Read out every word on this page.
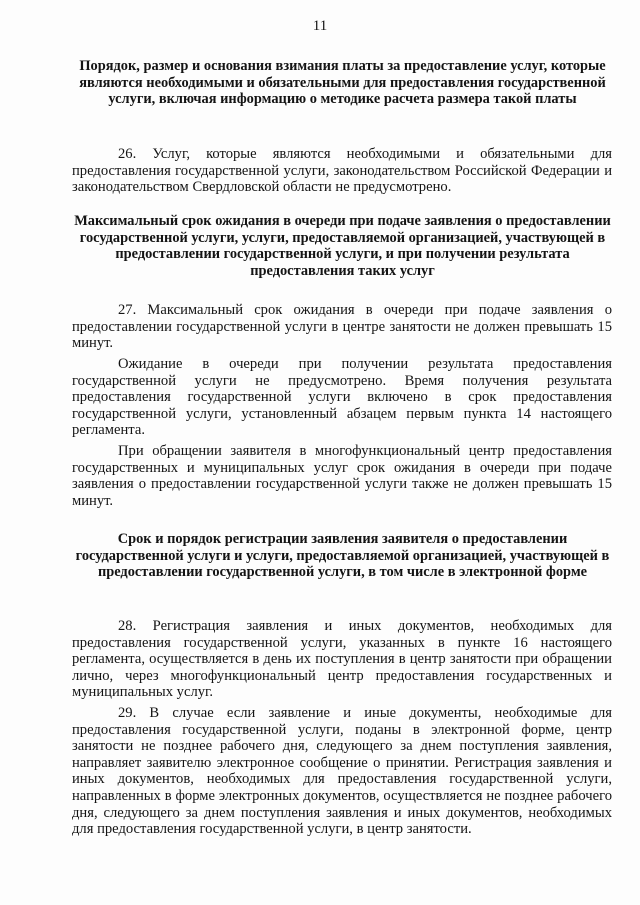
11
Порядок, размер и основания взимания платы за предоставление услуг, которые являются необходимыми и обязательными для предоставления государственной услуги, включая информацию о методике расчета размера такой платы
26. Услуг, которые являются необходимыми и обязательными для предоставления государственной услуги, законодательством Российской Федерации и законодательством Свердловской области не предусмотрено.
Максимальный срок ожидания в очереди при подаче заявления о предоставлении государственной услуги, услуги, предоставляемой организацией, участвующей в предоставлении государственной услуги, и при получении результата предоставления таких услуг
27. Максимальный срок ожидания в очереди при подаче заявления о предоставлении государственной услуги в центре занятости не должен превышать 15 минут.
Ожидание в очереди при получении результата предоставления государственной услуги не предусмотрено. Время получения результата предоставления государственной услуги включено в срок предоставления государственной услуги, установленный абзацем первым пункта 14 настоящего регламента.
При обращении заявителя в многофункциональный центр предоставления государственных и муниципальных услуг срок ожидания в очереди при подаче заявления о предоставлении государственной услуги также не должен превышать 15 минут.
Срок и порядок регистрации заявления заявителя о предоставлении государственной услуги и услуги, предоставляемой организацией, участвующей в предоставлении государственной услуги, в том числе в электронной форме
28. Регистрация заявления и иных документов, необходимых для предоставления государственной услуги, указанных в пункте 16 настоящего регламента, осуществляется в день их поступления в центр занятости при обращении лично, через многофункциональный центр предоставления государственных и муниципальных услуг.
29. В случае если заявление и иные документы, необходимые для предоставления государственной услуги, поданы в электронной форме, центр занятости не позднее рабочего дня, следующего за днем поступления заявления, направляет заявителю электронное сообщение о принятии. Регистрация заявления и иных документов, необходимых для предоставления государственной услуги, направленных в форме электронных документов, осуществляется не позднее рабочего дня, следующего за днем поступления заявления и иных документов, необходимых для предоставления государственной услуги, в центр занятости.
